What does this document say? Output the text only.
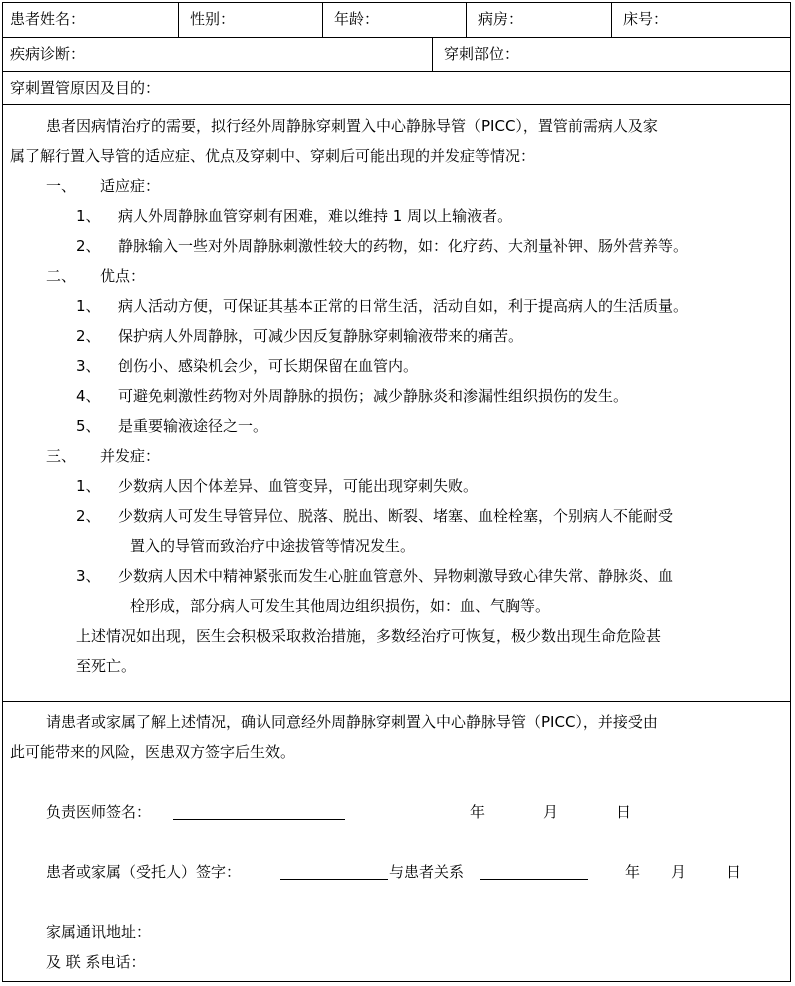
患者姓名：	性别：	年龄：	病房：	床号：
疾病诊断：	穿刺部位：
穿刺置管原因及目的：
患者因病情治疗的需要，拟行经外周静脉穿刺置入中心静脉导管（PICC），置管前需病人及家
属了解行置入导管的适应症、优点及穿刺中、穿刺后可能出现的并发症等情况：
一、 适应症：
1、 病人外周静脉血管穿刺有困难，难以维持 1 周以上输液者。
2、 静脉输入一些对外周静脉刺激性较大的药物，如：化疗药、大剂量补钾、肠外营养等。
二、 优点：
1、 病人活动方便，可保证其基本正常的日常生活，活动自如，利于提高病人的生活质量。
2、 保护病人外周静脉，可减少因反复静脉穿刺输液带来的痛苦。
3、 创伤小、感染机会少，可长期保留在血管内。
4、 可避免刺激性药物对外周静脉的损伤；减少静脉炎和渗漏性组织损伤的发生。
5、 是重要输液途径之一。
三、 并发症：
1、 少数病人因个体差异、血管变异，可能出现穿刺失败。
2、 少数病人可发生导管异位、脱落、脱出、断裂、堵塞、血栓栓塞，个别病人不能耐受
置入的导管而致治疗中途拔管等情况发生。
3、 少数病人因术中精神紧张而发生心脏血管意外、异物刺激导致心律失常、静脉炎、血
栓形成，部分病人可发生其他周边组织损伤，如：血、气胸等。
上述情况如出现，医生会积极采取救治措施，多数经治疗可恢复，极少数出现生命危险甚
至死亡。
请患者或家属了解上述情况，确认同意经外周静脉穿刺置入中心静脉导管（PICC），并接受由
此可能带来的风险，医患双方签字后生效。
负责医师签名：	年	月	日
患者或家属（受托人）签字：	与患者关系	年 月	日
家属通讯地址：
及 联 系电话：
